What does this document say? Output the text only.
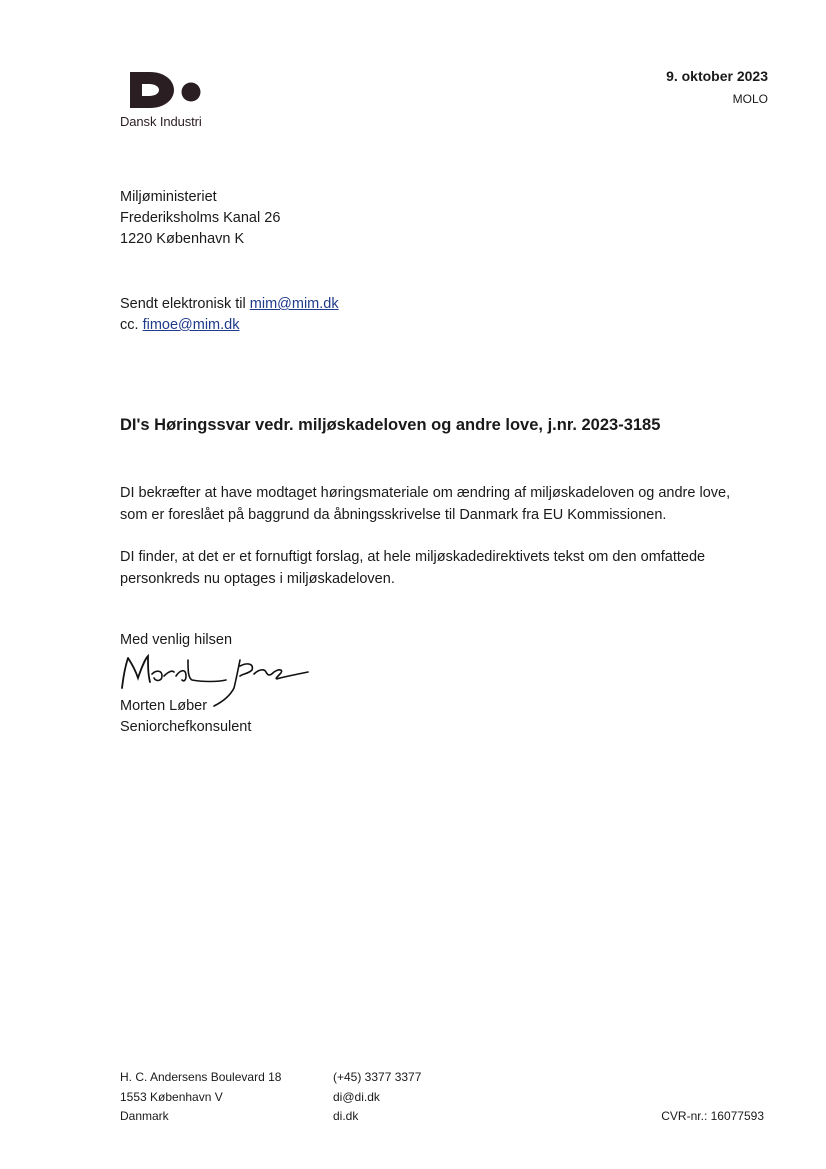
Dansk Industri
9. oktober 2023
MOLO
Miljøministeriet
Frederiksholms Kanal 26
1220 København K
Sendt elektronisk til mim@mim.dk
cc. fimoe@mim.dk
DI's Høringssvar vedr. miljøskadeloven og andre love, j.nr. 2023-3185
DI bekræfter at have modtaget høringsmateriale om ændring af miljøskadeloven og andre love,
som er foreslået på baggrund da åbningsskrivelse til Danmark fra EU Kommissionen.
DI finder, at det er et fornuftigt forslag, at hele miljøskadedirektivets tekst om den omfattede
personkreds nu optages i miljøskadeloven.
Med venlig hilsen
Morten Løber
Seniorchefkonsulent
H. C. Andersens Boulevard 18
1553 København V
Danmark
(+45) 3377 3377
di@di.dk
di.dk	CVR-nr.: 16077593
